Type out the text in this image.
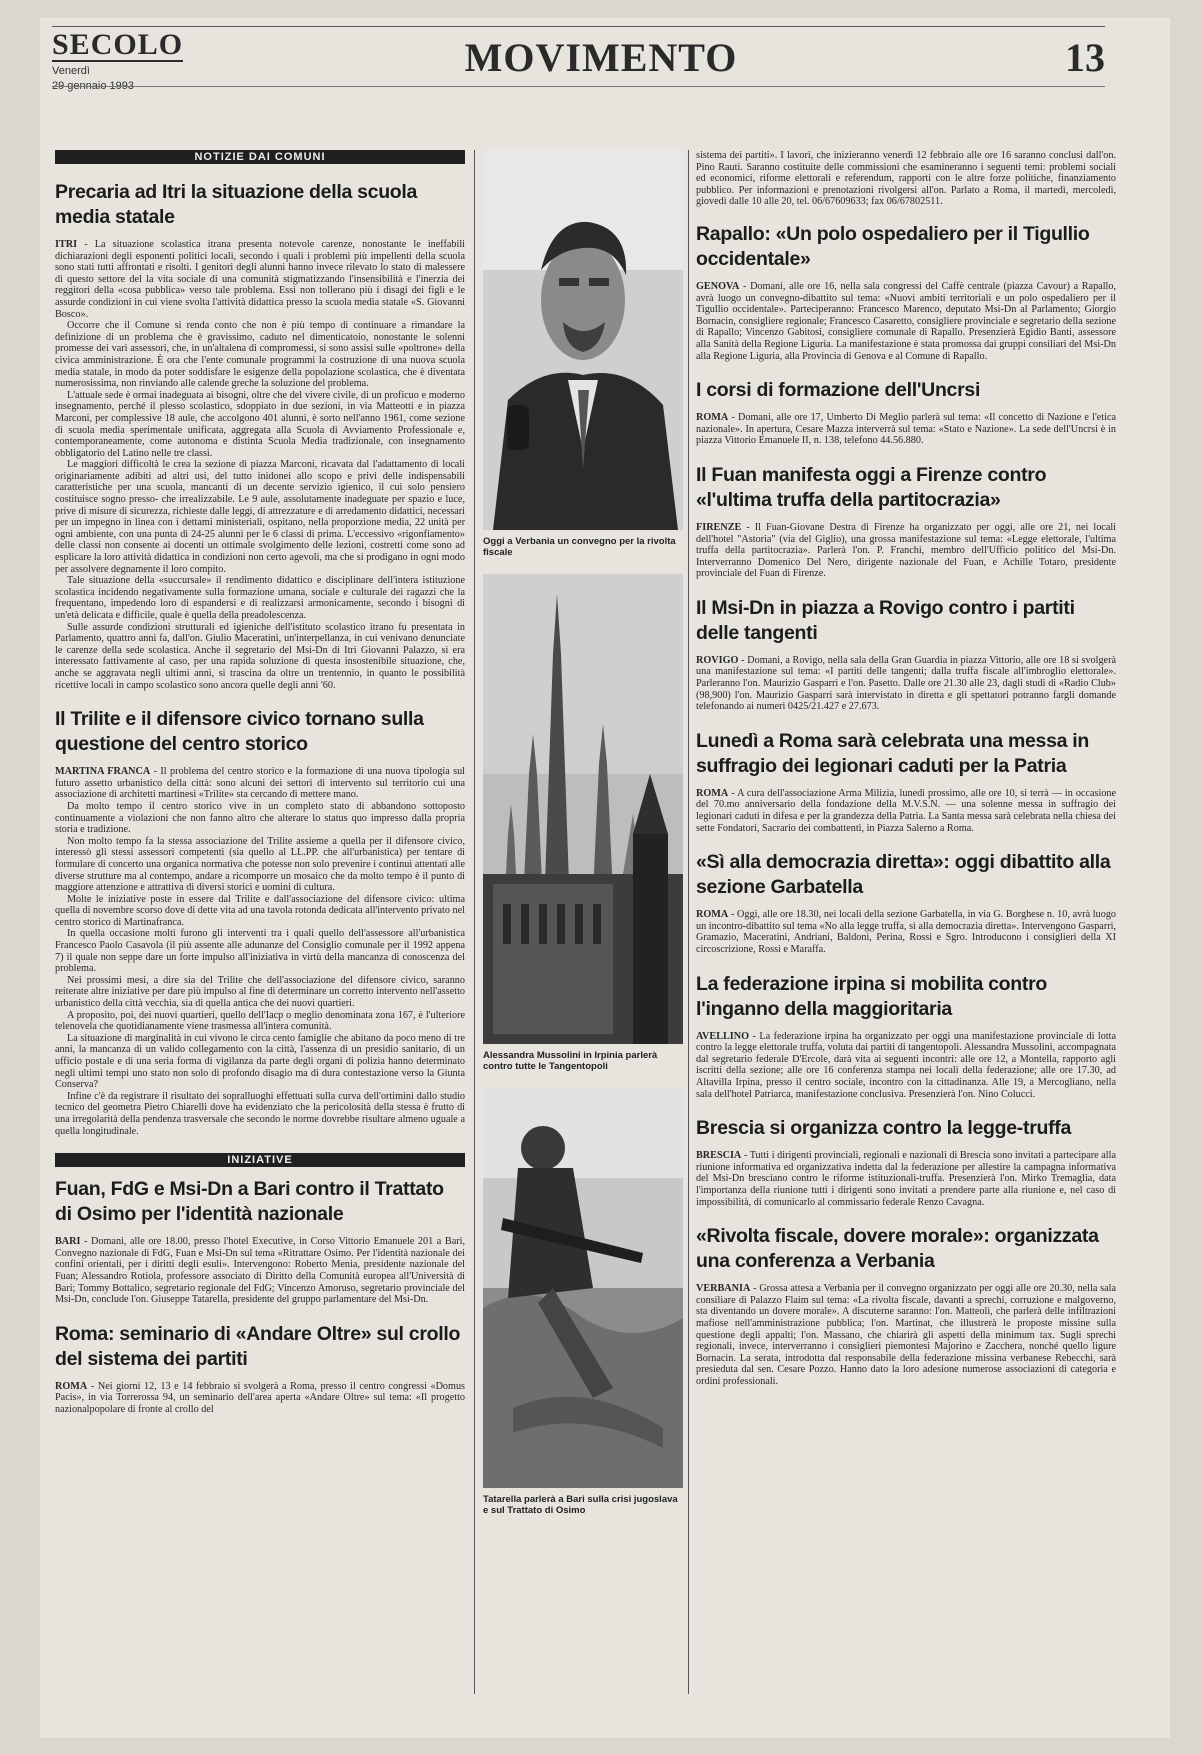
SECOLO
Venerdì
29 gennaio 1993
MOVIMENTO	13
NOTIZIE DAI COMUNI
Precaria ad Itri la situazione della scuola media statale

ITRI - La situazione scolastica itrana presenta notevole carenze, nonostante le ineffabili dichiarazioni degli esponenti politici locali, secondo i quali i problemi più impellenti della scuola sono stati tutti affrontati e risolti. I genitori degli alunni hanno invece rilevato lo stato di malessere di questo settore del la vita sociale di una comunità stigmatizzando l'insensibilità e l'inerzia dei reggitori della «cosa pubblica» verso tale problema. Essi non tollerano più i disagi dei figli e le assurde condizioni in cui viene svolta l'attività didattica presso la scuola media statale «S. Giovanni Bosco».

Occorre che il Comune si renda conto che non è più tempo di continuare a rimandare la definizione di un problema che è gravissimo, caduto nel dimenticatoio, nonostante le solenni promesse dei vari assessori, che, in un'altalena di compromessi, si sono assisi sulle «poltrone» della civica amministrazione. È ora che l'ente comunale programmi la costruzione di una nuova scuola media statale, in modo da poter soddisfare le esigenze della popolazione scolastica, che è diventata numerosissima, non rinviando alle calende greche la soluzione del problema.

L'attuale sede è ormai inadeguata ai bisogni, oltre che del vivere civile, di un proficuo e moderno insegnamento, perché il plesso scolastico, sdoppiato in due sezioni, in via Matteotti e in piazza Marconi, per complessive 18 aule, che accolgono 401 alunni, è sorto nell'anno 1961, come sezione di scuola media sperimentale unificata, aggregata alla Scuola di Avviamento Professionale e, contemporaneamente, come autonoma e distinta Scuola Media tradizionale, con insegnamento obbligatorio del Latino nelle tre classi.

Le maggiori difficoltà le crea la sezione di piazza Marconi, ricavata dal l'adattamento di locali originariamente adibiti ad altri usi, del tutto inidonei allo scopo e privi delle indispensabili caratteristiche per una scuola, mancanti di un decente servizio igienico, il cui solo pensiero costituisce sogno presso- che irrealizzabile. Le 9 aule, assolutamente inadeguate per spazio e luce, prive di misure di sicurezza, richieste dalle leggi, di attrezzature e di arredamento didattici, necessari per un impegno in linea con i dettami ministeriali, ospitano, nella proporzione media, 22 unità per ogni ambiente, con una punta di 24-25 alunni per le 6 classi di prima. L'eccessivo «rigonfiamento» delle classi non consente ai docenti un ottimale svolgimento delle lezioni, costretti come sono ad esplicare la loro attività didattica in condizioni non certo agevoli, ma che si prodigano in ogni modo per assolvere degnamente il loro compito.

Tale situazione della «succursale» il rendimento didattico e disciplinare dell'intera istituzione scolastica incidendo negativamente sulla formazione umana, sociale e culturale dei ragazzi che la frequentano, impedendo loro di espandersi e di realizzarsi armonicamente, secondo i bisogni di un'età delicata e difficile, quale è quella della preadolescenza.

Sulle assurde condizioni strutturali ed igieniche dell'istituto scolastico itrano fu presentata in Parlamento, quattro anni fa, dall'on. Giulio Maceratini, un'interpellanza, in cui venivano denunciate le carenze della sede scolastica. Anche il segretario del Msi-Dn di Itri Giovanni Palazzo, si era interessato fattivamente al caso, per una rapida soluzione di questa insostenibile situazione, che, anche se aggravata negli ultimi anni, si trascina da oltre un trentennio, in quanto le possibilità ricettive locali in campo scolastico sono ancora quelle degli anni '60.

Il Trilite e il difensore civico tornano sulla questione del centro storico

MARTINA FRANCA - Il problema del centro storico e la formazione di una nuova tipologia sul futuro assetto urbanistico della città: sono alcuni dei settori di intervento sul territorio cui una associazione di architetti martinesi «Trilite» sta cercando di mettere mano.

Da molto tempo il centro storico vive in un completo stato di abbandono sottoposto continuamente a violazioni che non fanno altro che alterare lo status quo impresso dalla propria storia e tradizione.

Non molto tempo fa la stessa associazione del Trilite assieme a quella per il difensore civico, interessò gli stessi assessori competenti (sia quello al LL.PP. che all'urbanistica) per tentare di formulare di concerto una organica normativa che potesse non solo prevenire i continui attentati alle diverse strutture ma al contempo, andare a ricomporre un mosaico che da molto tempo è il punto di maggiore attenzione e attrattiva di diversi storici e uomini di cultura.

Molte le iniziative poste in essere dal Trilite e dall'associazione del difensore civico: ultima quella di novembre scorso dove di dette vita ad una tavola rotonda dedicata all'intervento privato nel centro storico di Martinafranca.

In quella occasione molti furono gli interventi tra i quali quello dell'assessore all'urbanistica Francesco Paolo Casavola (il più assente alle adunanze del Consiglio comunale per il 1992 appena 7) il quale non seppe dare un forte impulso all'iniziativa in virtù della mancanza di conoscenza del problema.

Nei prossimi mesi, a dire sia del Trilite che dell'associazione del difensore civico, saranno reiterate altre iniziative per dare più impulso al fine di determinare un corretto intervento nell'assetto urbanistico della città vecchia, sia di quella antica che dei nuovi quartieri.

A proposito, poi, dei nuovi quartieri, quello dell'Iacp o meglio denominata zona 167, è l'ulteriore telenovela che quotidianamente viene trasmessa all'intera comunità.

La situazione di marginalità in cui vivono le circa cento famiglie che abitano da poco meno di tre anni, la mancanza di un valido collegamento con la città, l'assenza di un presidio sanitario, di un ufficio postale e di una seria forma di vigilanza da parte degli organi di polizia hanno determinato negli ultimi tempi uno stato non solo di profondo disagio ma di dura contestazione verso la Giunta Conserva?

Infine c'è da registrare il risultato dei sopralluoghi effettuati sulla curva dell'ortimini dallo studio tecnico del geometra Pietro Chiarelli dove ha evidenziato che la pericolosità della stessa è frutto di una irregolarità della pendenza trasversale che secondo le norme dovrebbe risultare almeno uguale a quella longitudinale.

INIZIATIVE
Fuan, FdG e Msi-Dn a Bari contro il Trattato di Osimo per l'identità nazionale

BARI - Domani, alle ore 18.00, presso l'hotel Executive, in Corso Vittorio Emanuele 201 a Bari, Convegno nazionale di FdG, Fuan e Msi-Dn sul tema «Ritrattare Osimo. Per l'identità nazionale dei confini orientali, per i diritti degli esuli». Intervengono: Roberto Menia, presidente nazionale del Fuan; Alessandro Rotiola, professore associato di Diritto della Comunità europea all'Università di Bari; Tommy Bottalico, segretario regionale del FdG; Vincenzo Amoruso, segretario provinciale del Msi-Dn, conclude l'on. Giuseppe Tatarella, presidente del gruppo parlamentare del Msi-Dn.

Roma: seminario di «Andare Oltre» sul crollo del sistema dei partiti

ROMA - Nei giorni 12, 13 e 14 febbraio si svolgerà a Roma, presso il centro congressi «Domus Pacis», in via Torrerossa 94, un seminario dell'area aperta «Andare Oltre» sul tema: «Il progetto nazionalpopolare di fronte al crollo del

Oggi a Verbania un convegno per la rivolta fiscale
Alessandra Mussolini in Irpinia parlerà contro tutte le Tangentopoli
Tatarella parlerà a Bari sulla crisi jugoslava e sul Trattato di Osimo

sistema dei partiti». I lavori, che inizieranno venerdì 12 febbraio alle ore 16 saranno conclusi dall'on. Pino Rauti. Saranno costituite delle commissioni che esamineranno i seguenti temi: problemi sociali ed economici, riforme elettorali e referendum, rapporti con le altre forze politiche, finanziamento pubblico. Per informazioni e prenotazioni rivolgersi all'on. Parlato a Roma, il martedì, mercoledì, giovedì dalle 10 alle 20, tel. 06/67609633; fax 06/67802511.

Rapallo: «Un polo ospedaliero per il Tigullio occidentale»

GENOVA - Domani, alle ore 16, nella sala congressi del Caffè centrale (piazza Cavour) a Rapallo, avrà luogo un convegno-dibattito sul tema: «Nuovi ambiti territoriali e un polo ospedaliero per il Tigullio occidentale». Parteciperanno: Francesco Marenco, deputato Msi-Dn al Parlamento; Giorgio Bornacin, consigliere regionale; Francesco Casaretto, consigliere provinciale e segretario della sezione di Rapallo; Vincenzo Gabitosi, consigliere comunale di Rapallo. Presenzierà Egidio Banti, assessore alla Sanità della Regione Liguria. La manifestazione è stata promossa dai gruppi consiliari del Msi-Dn alla Regione Liguria, alla Provincia di Genova e al Comune di Rapallo.

I corsi di formazione dell'Uncrsi

ROMA - Domani, alle ore 17, Umberto Di Meglio parlerà sul tema: «Il concetto di Nazione e l'etica nazionale». In apertura, Cesare Mazza interverrà sul tema: «Stato e Nazione». La sede dell'Uncrsi è in piazza Vittorio Emanuele II, n. 138, telefono 44.56.880.

Il Fuan manifesta oggi a Firenze contro «l'ultima truffa della partitocrazia»

FIRENZE - Il Fuan-Giovane Destra di Firenze ha organizzato per oggi, alle ore 21, nei locali dell'hotel "Astoria" (via del Giglio), una grossa manifestazione sul tema: «Legge elettorale, l'ultima truffa della partitocrazia». Parlerà l'on. P. Franchi, membro dell'Ufficio politico del Msi-Dn. Interverranno Domenico Del Nero, dirigente nazionale del Fuan, e Achille Totaro, presidente provinciale del Fuan di Firenze.

Il Msi-Dn in piazza a Rovigo contro i partiti delle tangenti

ROVIGO - Domani, a Rovigo, nella sala della Gran Guardia in piazza Vittorio, alle ore 18 si svolgerà una manifestazione sul tema: «I partiti delle tangenti; dalla truffa fiscale all'imbroglio elettorale». Parleranno l'on. Maurizio Gasparri e l'on. Pasetto. Dalle ore 21.30 alle 23, dagli studi di «Radio Club» (98,900) l'on. Maurizio Gasparri sarà intervistato in diretta e gli spettatori potranno fargli domande telefonando ai numeri 0425/21.427 e 27.673.

Lunedì a Roma sarà celebrata una messa in suffragio dei legionari caduti per la Patria

ROMA - A cura dell'associazione Arma Milizia, lunedì prossimo, alle ore 10, si terrà — in occasione del 70.mo anniversario della fondazione della M.V.S.N. — una solenne messa in suffragio dei legionari caduti in difesa e per la grandezza della Patria. La Santa messa sarà celebrata nella chiesa dei sette Fondatori, Sacrario dei combattenti, in Piazza Salerno a Roma.

«Sì alla democrazia diretta»: oggi dibattito alla sezione Garbatella

ROMA - Oggi, alle ore 18.30, nei locali della sezione Garbatella, in via G. Borghese n. 10, avrà luogo un incontro-dibattito sul tema «No alla legge truffa, sì alla democrazia diretta». Intervengono Gasparri, Gramazio, Maceratini, Andriani, Baldoni, Perina, Rossi e Sgro. Introducono i consiglieri della XI circoscrizione, Rossi e Maraffa.

La federazione irpina si mobilita contro l'inganno della maggioritaria

AVELLINO - La federazione irpina ha organizzato per oggi una manifestazione provinciale di lotta contro la legge elettorale truffa, voluta dai partiti di tangentopoli. Alessandra Mussolini, accompagnata dal segretario federale D'Ercole, darà vita ai seguenti incontri: alle ore 12, a Montella, rapporto agli iscritti della sezione; alle ore 16 conferenza stampa nei locali della federazione; alle ore 17.30, ad Altavilla Irpina, presso il centro sociale, incontro con la cittadinanza. Alle 19, a Mercogliano, nella sala dell'hotel Patriarca, manifestazione conclusiva. Presenzierà l'on. Nino Colucci.

Brescia si organizza contro la legge-truffa

BRESCIA - Tutti i dirigenti provinciali, regionali e nazionali di Brescia sono invitati a partecipare alla riunione informativa ed organizzativa indetta dal la federazione per allestire la campagna informativa del Msi-Dn bresciano contro le riforme istituzionali-truffa. Presenzierà l'on. Mirko Tremaglia, data l'importanza della riunione tutti i dirigenti sono invitati a prendere parte alla riunione e, nel caso di impossibilità, di comunicarlo al commissario federale Renzo Cavagna.

«Rivolta fiscale, dovere morale»: organizzata una conferenza a Verbania

VERBANIA - Grossa attesa a Verbania per il convegno organizzato per oggi alle ore 20.30, nella sala consiliare di Palazzo Flaim sul tema: «La rivolta fiscale, davanti a sprechi, corruzione e malgoverno, sta diventando un dovere morale». A discuterne saranno: l'on. Matteoli, che parlerà delle infiltrazioni mafiose nell'amministrazione pubblica; l'on. Martinat, che illustrerà le proposte missine sulla questione degli appalti; l'on. Massano, che chiarirà gli aspetti della minimum tax. Sugli sprechi regionali, invece, interverranno i consiglieri piemontesi Majorino e Zacchera, nonché quello ligure Bornacin. La serata, introdotta dal responsabile della federazione missina verbanese Rebecchi, sarà presieduta dal sen. Cesare Pozzo. Hanno dato la loro adesione numerose associazioni di categoria e ordini professionali.
